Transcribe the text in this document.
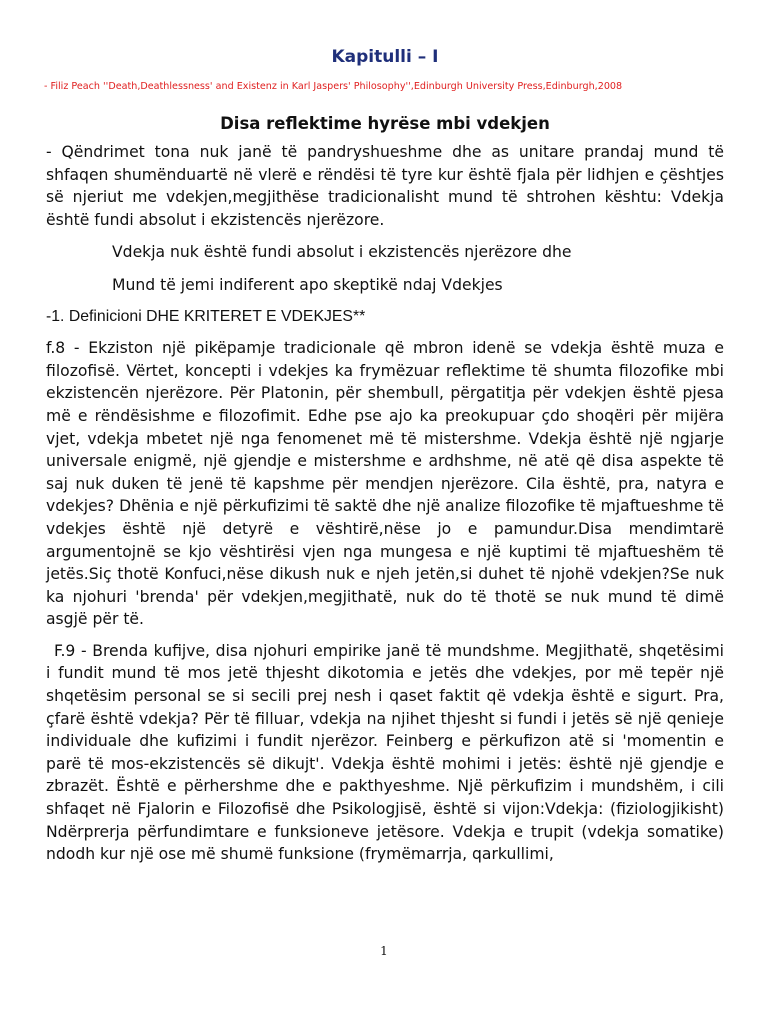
Kapitulli – I
- Filiz Peach ''Death,Deathlessness' and Existenz in Karl Jaspers' Philosophy'',Edinburgh University Press,Edinburgh,2008
Disa reflektime hyrëse mbi vdekjen

- Qëndrimet tona nuk janë të pandryshueshme dhe as unitare prandaj mund të shfaqen shumënduartë në vlerë e rëndësi të tyre kur është fjala për lidhjen e çështjes së njeriut me vdekjen,megjithëse tradicionalisht mund të shtrohen kështu: Vdekja është fundi absolut i ekzistencës njerëzore.

Vdekja nuk është fundi absolut i ekzistencës njerëzore dhe

Mund të jemi indiferent apo skeptikë ndaj Vdekjes

-1. Definicioni DHE KRITERET E VDEKJES**

f.8 - Ekziston një pikëpamje tradicionale që mbron idenë se vdekja është muza e filozofisë. Vërtet, koncepti i vdekjes ka frymëzuar reflektime të shumta filozofike mbi ekzistencën njerëzore. Për Platonin, për shembull, përgatitja për vdekjen është pjesa më e rëndësishme e filozofimit. Edhe pse ajo ka preokupuar çdo shoqëri për mijëra vjet, vdekja mbetet një nga fenomenet më të mistershme. Vdekja është një ngjarje universale enigmë, një gjendje e mistershme e ardhshme, në atë që disa aspekte të saj nuk duken të jenë të kapshme për mendjen njerëzore. Cila është, pra, natyra e vdekjes? Dhënia e një përkufizimi të saktë dhe një analize filozofike të mjaftueshme të vdekjes është një detyrë e vështirë,nëse jo e pamundur.Disa mendimtarë argumentojnë se kjo vështirësi vjen nga mungesa e një kuptimi të mjaftueshëm të jetës.Siç thotë Konfuci,nëse dikush nuk e njeh jetën,si duhet të njohë vdekjen?Se nuk ka njohuri 'brenda' për vdekjen,megjithatë, nuk do të thotë se nuk mund të dimë asgjë për të.

F.9 - Brenda kufijve, disa njohuri empirike janë të mundshme. Megjithatë, shqetësimi i fundit mund të mos jetë thjesht dikotomia e jetës dhe vdekjes, por më tepër një shqetësim personal se si secili prej nesh i qaset faktit që vdekja është e sigurt. Pra, çfarë është vdekja? Për të filluar, vdekja na njihet thjesht si fundi i jetës së një qenieje individuale dhe kufizimi i fundit njerëzor. Feinberg e përkufizon atë si 'momentin e parë të mos-ekzistencës së dikujt'. Vdekja është mohimi i jetës: është një gjendje e zbrazët. Është e përhershme dhe e pakthyeshme. Një përkufizim i mundshëm, i cili shfaqet në Fjalorin e Filozofisë dhe Psikologjisë, është si vijon:Vdekja: (fiziologjikisht) Ndërprerja përfundimtare e funksioneve jetësore. Vdekja e trupit (vdekja somatike) ndodh kur një ose më shumë funksione (frymëmarrja, qarkullimi,

1
